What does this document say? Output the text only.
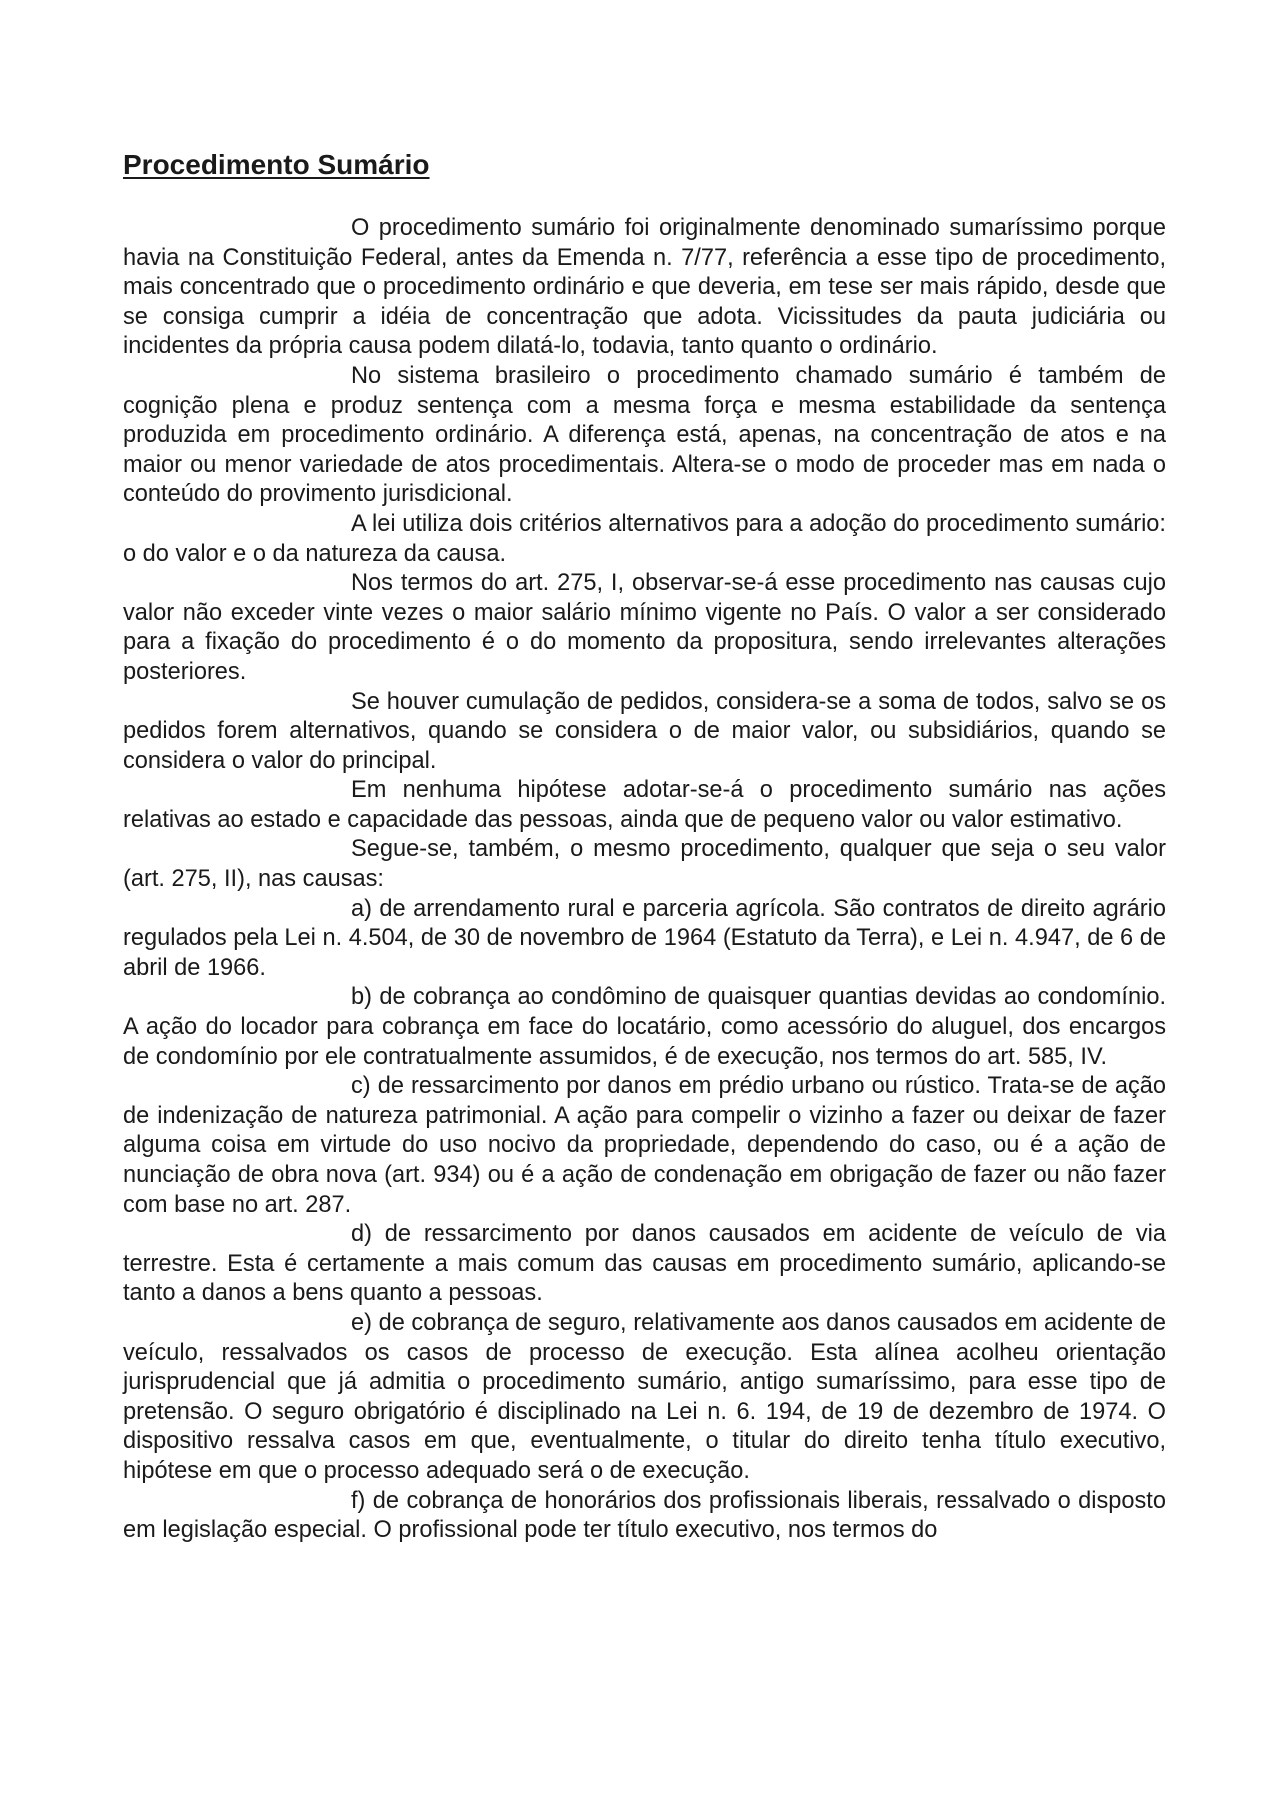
Procedimento Sumário

O procedimento sumário foi originalmente denominado sumaríssimo porque havia na Constituição Federal, antes da Emenda n. 7/77, referência a esse tipo de procedimento, mais concentrado que o procedimento ordinário e que deveria, em tese ser mais rápido, desde que se consiga cumprir a idéia de concentração que adota. Vicissitudes da pauta judiciária ou incidentes da própria causa podem dilatá-lo, todavia, tanto quanto o ordinário.

No sistema brasileiro o procedimento chamado sumário é também de cognição plena e produz sentença com a mesma força e mesma estabilidade da sentença produzida em procedimento ordinário. A diferença está, apenas, na concentração de atos e na maior ou menor variedade de atos procedimentais. Altera-se o modo de proceder mas em nada o conteúdo do provimento jurisdicional.

A lei utiliza dois critérios alternativos para a adoção do procedimento sumário: o do valor e o da natureza da causa.

Nos termos do art. 275, I, observar-se-á esse procedimento nas causas cujo valor não exceder vinte vezes o maior salário mínimo vigente no País. O valor a ser considerado para a fixação do procedimento é o do momento da propositura, sendo irrelevantes alterações posteriores.

Se houver cumulação de pedidos, considera-se a soma de todos, salvo se os pedidos forem alternativos, quando se considera o de maior valor, ou subsidiários, quando se considera o valor do principal.

Em nenhuma hipótese adotar-se-á o procedimento sumário nas ações relativas ao estado e capacidade das pessoas, ainda que de pequeno valor ou valor estimativo.

Segue-se, também, o mesmo procedimento, qualquer que seja o seu valor (art. 275, II), nas causas:

a) de arrendamento rural e parceria agrícola. São contratos de direito agrário regulados pela Lei n. 4.504, de 30 de novembro de 1964 (Estatuto da Terra), e Lei n. 4.947, de 6 de abril de 1966.

b) de cobrança ao condômino de quaisquer quantias devidas ao condomínio. A ação do locador para cobrança em face do locatário, como acessório do aluguel, dos encargos de condomínio por ele contratualmente assumidos, é de execução, nos termos do art. 585, IV.

c) de ressarcimento por danos em prédio urbano ou rústico. Trata-se de ação de indenização de natureza patrimonial. A ação para compelir o vizinho a fazer ou deixar de fazer alguma coisa em virtude do uso nocivo da propriedade, dependendo do caso, ou é a ação de nunciação de obra nova (art. 934) ou é a ação de condenação em obrigação de fazer ou não fazer com base no art. 287.

d) de ressarcimento por danos causados em acidente de veículo de via terrestre. Esta é certamente a mais comum das causas em procedimento sumário, aplicando-se tanto a danos a bens quanto a pessoas.

e) de cobrança de seguro, relativamente aos danos causados em acidente de veículo, ressalvados os casos de processo de execução. Esta alínea acolheu orientação jurisprudencial que já admitia o procedimento sumário, antigo sumaríssimo, para esse tipo de pretensão. O seguro obrigatório é disciplinado na Lei n. 6. 194, de 19 de dezembro de 1974. O dispositivo ressalva casos em que, eventualmente, o titular do direito tenha título executivo, hipótese em que o processo adequado será o de execução.

f) de cobrança de honorários dos profissionais liberais, ressalvado o disposto em legislação especial. O profissional pode ter título executivo, nos termos do
